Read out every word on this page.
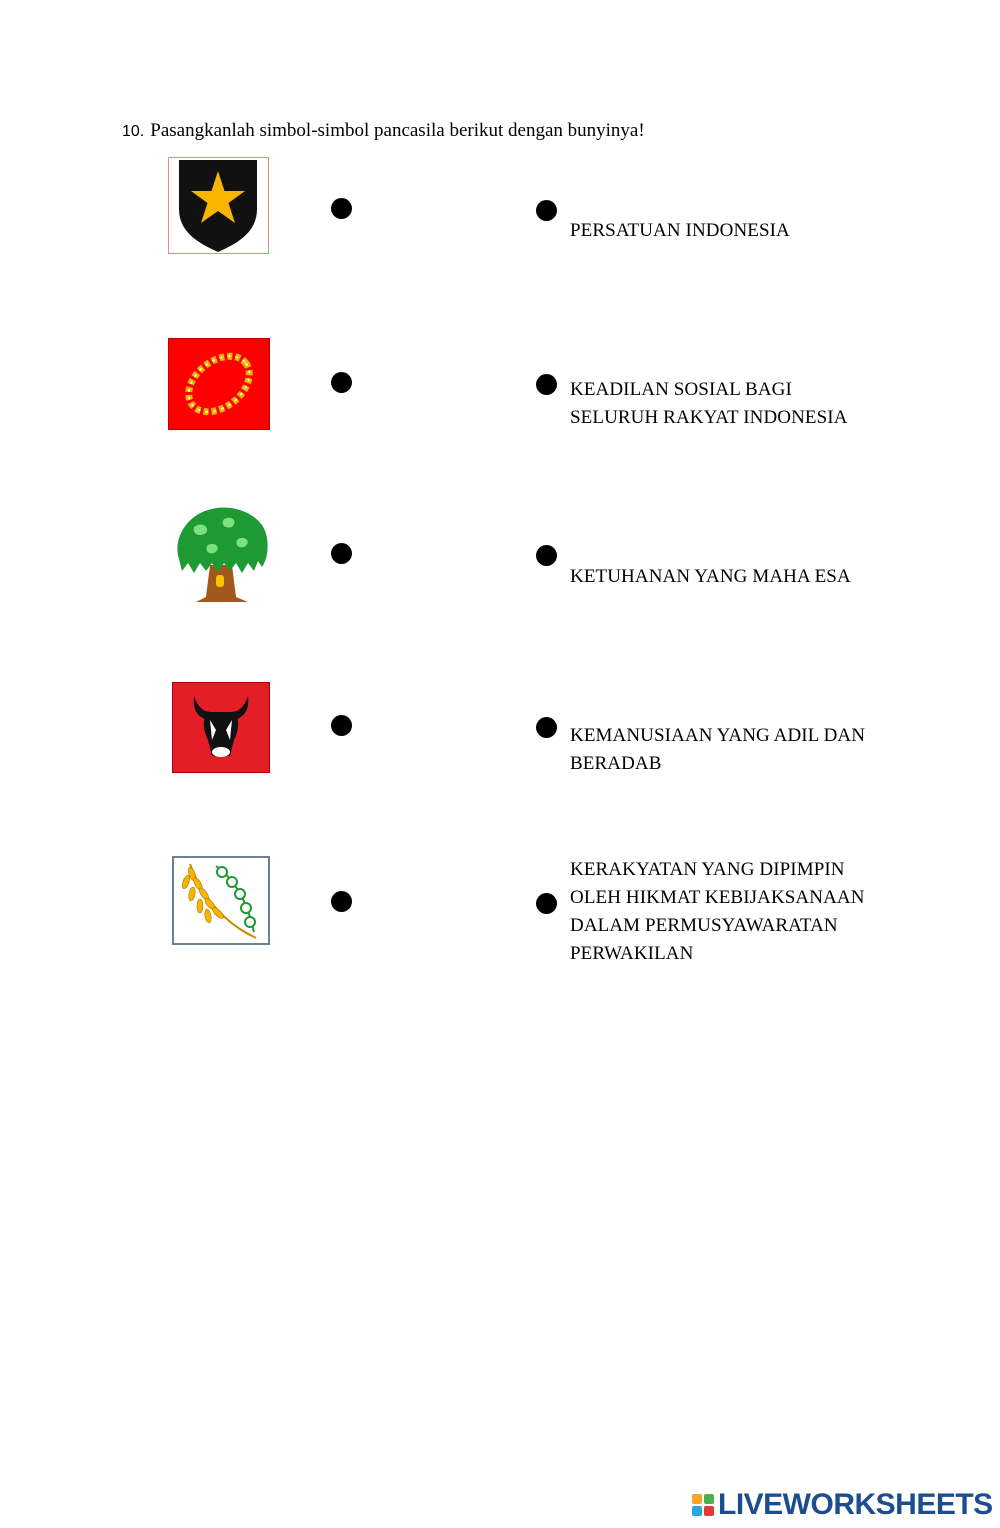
10. Pasangkanlah simbol-simbol pancasila berikut dengan bunyinya!
PERSATUAN INDONESIA
KEADILAN SOSIAL BAGI
SELURUH RAKYAT INDONESIA
KETUHANAN YANG MAHA ESA
KEMANUSIAAN YANG ADIL DAN
BERADAB
KERAKYATAN YANG DIPIMPIN
OLEH HIKMAT KEBIJAKSANAAN
DALAM PERMUSYAWARATAN
PERWAKILAN
LIVEWORKSHEETS
